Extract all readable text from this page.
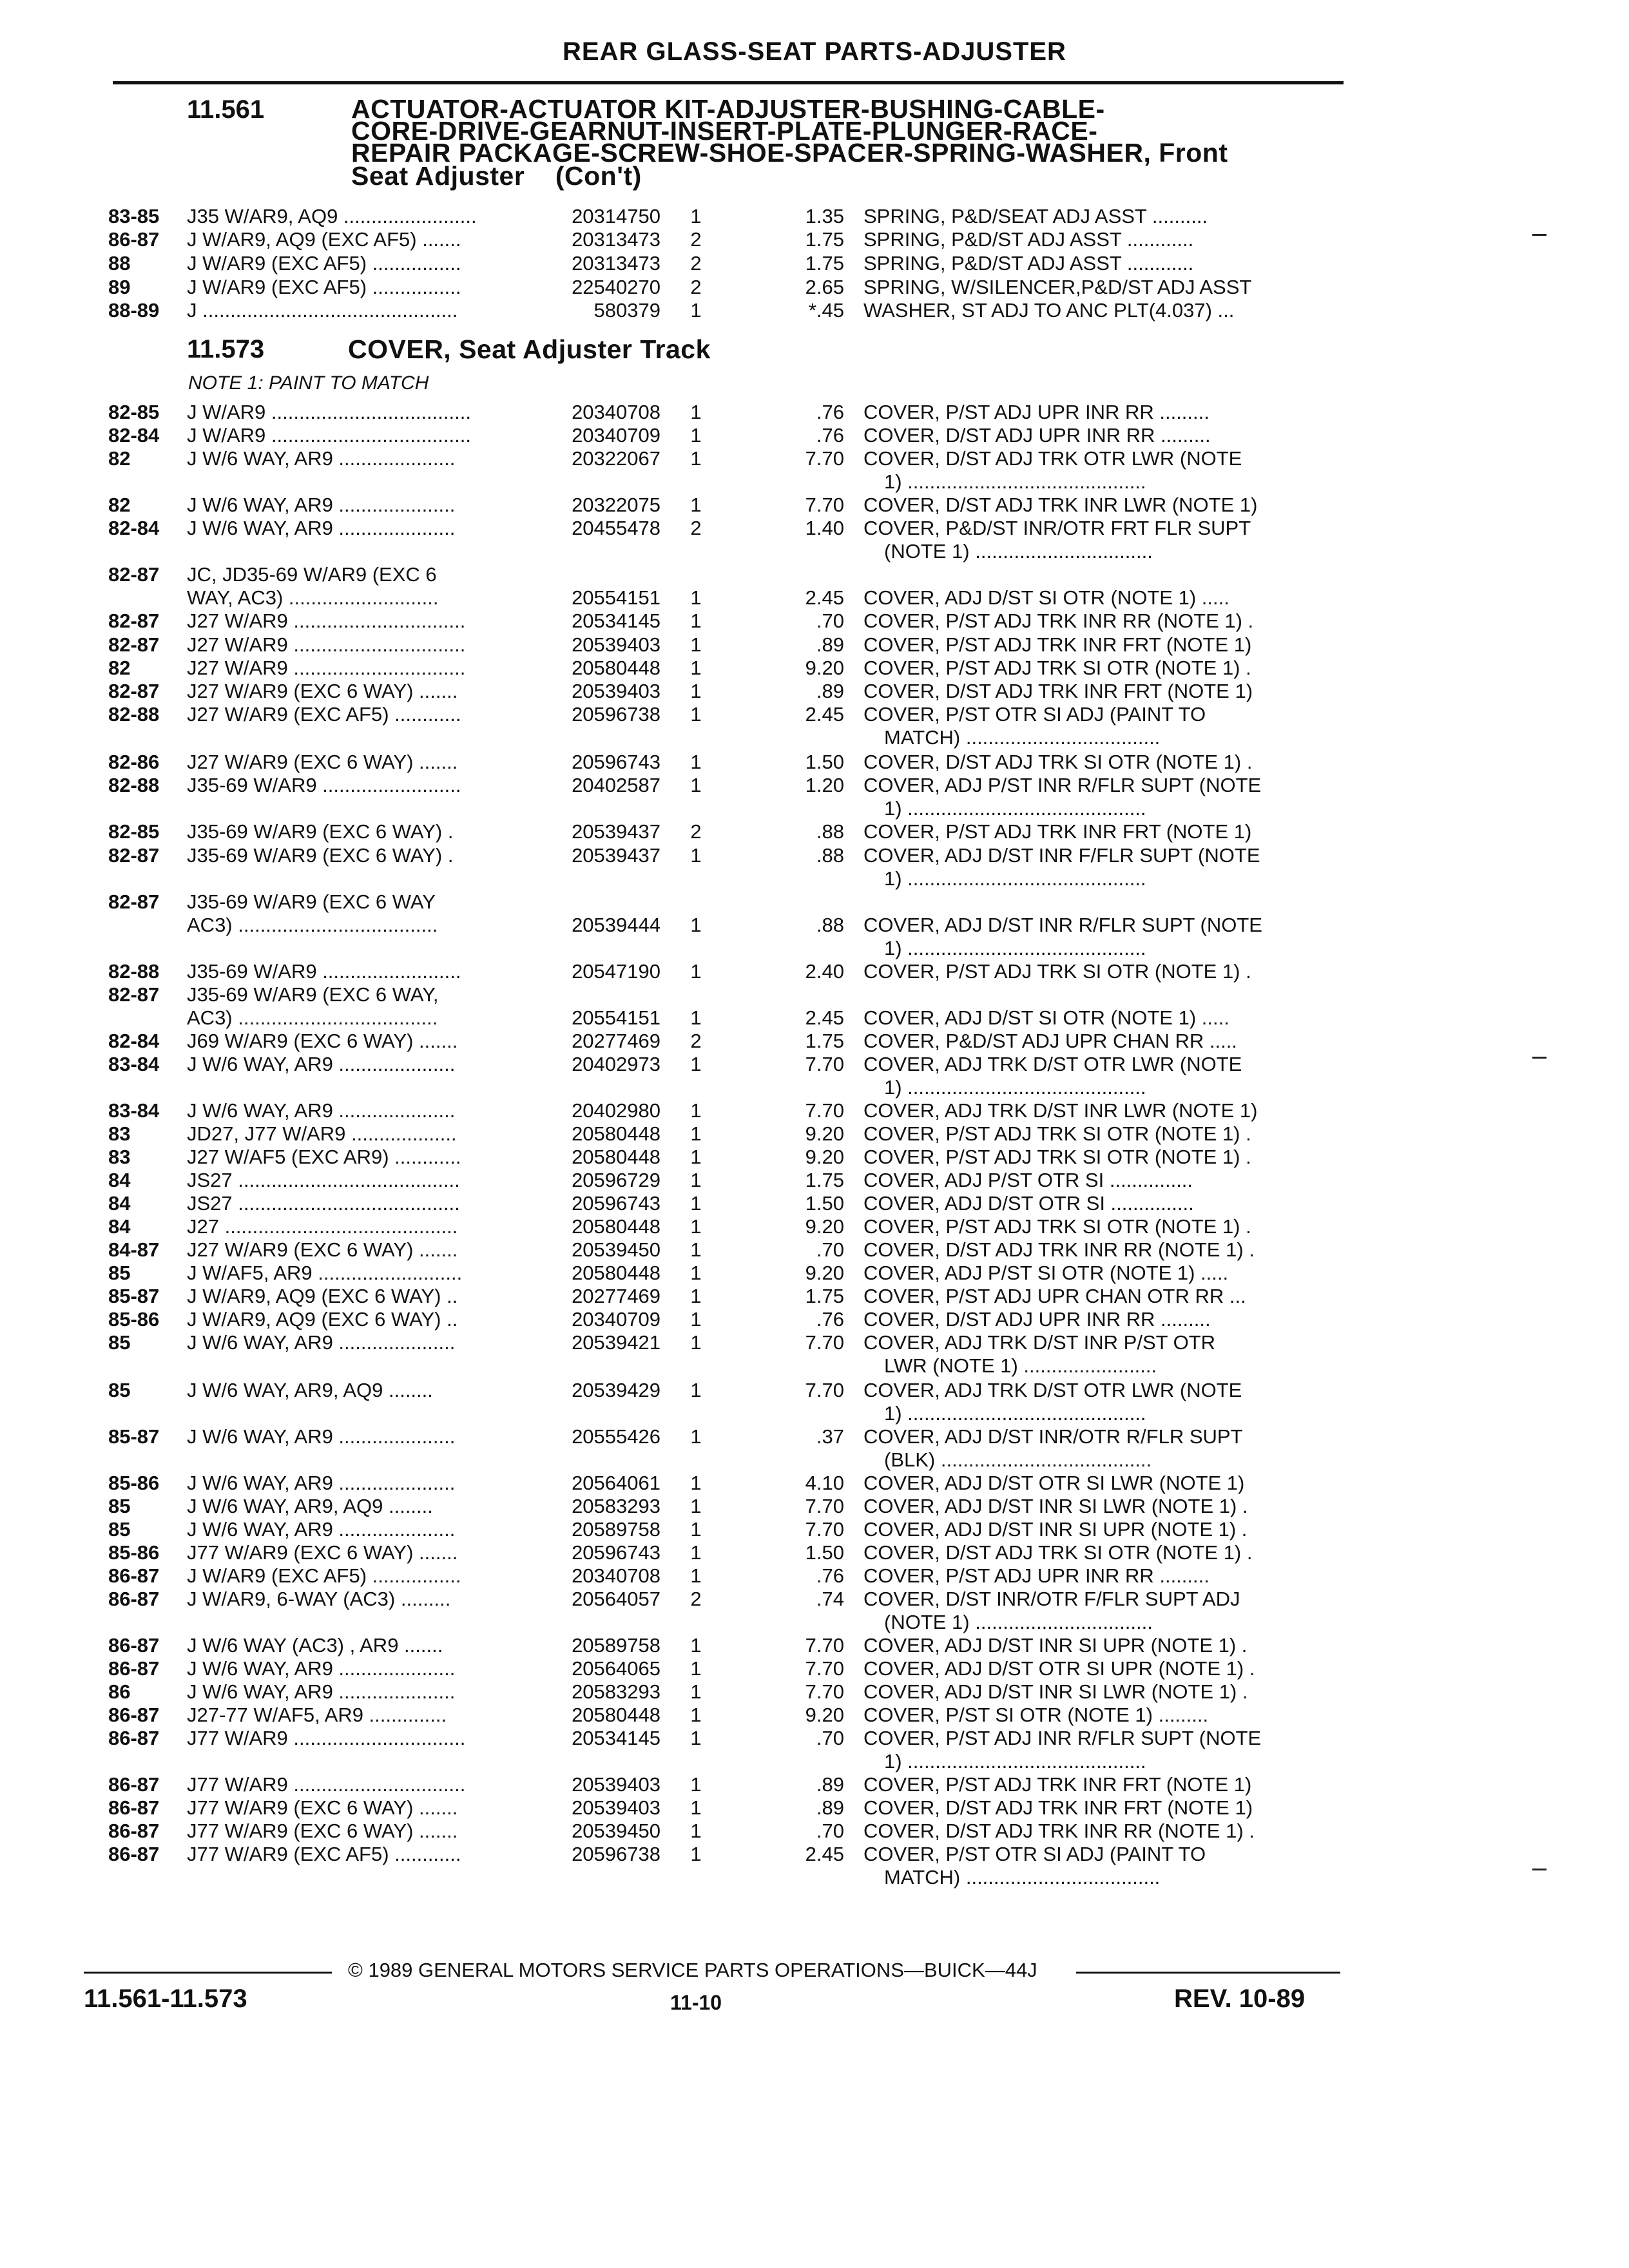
REAR GLASS-SEAT PARTS-ADJUSTER
11.561	ACTUATOR-ACTUATOR KIT-ADJUSTER-BUSHING-CABLE-
CORE-DRIVE-GEARNUT-INSERT-PLATE-PLUNGER-RACE-
REPAIR PACKAGE-SCREW-SHOE-SPACER-SPRING-WASHER, Front
Seat Adjuster    (Con't)
11.573	COVER, Seat Adjuster Track
NOTE 1: PAINT TO MATCH
83-85 J35 W/AR9, AQ9 ........................	20314750	1	1.35 SPRING, P&D/SEAT ADJ ASST ..........
86-87 J W/AR9, AQ9 (EXC AF5) .......	20313473	2	1.75 SPRING, P&D/ST ADJ ASST ............
88	J W/AR9 (EXC AF5) ................	20313473	2	1.75 SPRING, P&D/ST ADJ ASST ............
89	J W/AR9 (EXC AF5) ................	22540270	2	2.65 SPRING, W/SILENCER,P&D/ST ADJ ASST
88-89 J ..............................................	580379	1	*.45 WASHER, ST ADJ TO ANC PLT(4.037) ...
82-85 J W/AR9 ....................................	20340708	1	.76 COVER, P/ST ADJ UPR INR RR .........
82-84 J W/AR9 ....................................	20340709	1	.76 COVER, D/ST ADJ UPR INR RR .........
82	J W/6 WAY, AR9 .....................	20322067	1	7.70 COVER, D/ST ADJ TRK OTR LWR (NOTE

1) ...........................................
82	J W/6 WAY, AR9 .....................	20322075	1	7.70 COVER, D/ST ADJ TRK INR LWR (NOTE 1)
82-84 J W/6 WAY, AR9 .....................	20455478	2	1.40 COVER, P&D/ST INR/OTR FRT FLR SUPT

(NOTE 1) ................................
82-87 JC, JD35-69 W/AR9 (EXC 6
WAY, AC3) ...........................	20554151	1	2.45 COVER, ADJ D/ST SI OTR (NOTE 1) .....
82-87 J27 W/AR9 ...............................	20534145	1	.70 COVER, P/ST ADJ TRK INR RR (NOTE 1) .
82-87 J27 W/AR9 ...............................	20539403	1	.89 COVER, P/ST ADJ TRK INR FRT (NOTE 1)
82	J27 W/AR9 ...............................	20580448	1	9.20 COVER, P/ST ADJ TRK SI OTR (NOTE 1) .
82-87 J27 W/AR9 (EXC 6 WAY) .......	20539403	1	.89 COVER, D/ST ADJ TRK INR FRT (NOTE 1)
82-88 J27 W/AR9 (EXC AF5) ............	20596738	1	2.45 COVER, P/ST OTR SI ADJ (PAINT TO

MATCH) ...................................
82-86 J27 W/AR9 (EXC 6 WAY) .......	20596743	1	1.50 COVER, D/ST ADJ TRK SI OTR (NOTE 1) .
82-88 J35-69 W/AR9 .........................	20402587	1	1.20 COVER, ADJ P/ST INR R/FLR SUPT (NOTE

1) ...........................................
82-85 J35-69 W/AR9 (EXC 6 WAY) .	20539437	2	.88 COVER, P/ST ADJ TRK INR FRT (NOTE 1)
82-87 J35-69 W/AR9 (EXC 6 WAY) .	20539437	1	.88 COVER, ADJ D/ST INR F/FLR SUPT (NOTE

1) ...........................................
82-87 J35-69 W/AR9 (EXC 6 WAY
AC3) ....................................	20539444	1	.88 COVER, ADJ D/ST INR R/FLR SUPT (NOTE

1) ...........................................
82-88 J35-69 W/AR9 .........................	20547190	1	2.40 COVER, P/ST ADJ TRK SI OTR (NOTE 1) .
82-87 J35-69 W/AR9 (EXC 6 WAY,
AC3) ....................................	20554151	1	2.45 COVER, ADJ D/ST SI OTR (NOTE 1) .....
82-84 J69 W/AR9 (EXC 6 WAY) .......	20277469	2	1.75 COVER, P&D/ST ADJ UPR CHAN RR .....
83-84 J W/6 WAY, AR9 .....................	20402973	1	7.70 COVER, ADJ TRK D/ST OTR LWR (NOTE

1) ...........................................
83-84 J W/6 WAY, AR9 .....................	20402980	1	7.70 COVER, ADJ TRK D/ST INR LWR (NOTE 1)
83	JD27, J77 W/AR9 ...................	20580448	1	9.20 COVER, P/ST ADJ TRK SI OTR (NOTE 1) .
83	J27 W/AF5 (EXC AR9) ............	20580448	1	9.20 COVER, P/ST ADJ TRK SI OTR (NOTE 1) .
84	JS27 ........................................	20596729	1	1.75 COVER, ADJ P/ST OTR SI ...............
84	JS27 ........................................	20596743	1	1.50 COVER, ADJ D/ST OTR SI ...............
84	J27 ..........................................	20580448	1	9.20 COVER, P/ST ADJ TRK SI OTR (NOTE 1) .
84-87 J27 W/AR9 (EXC 6 WAY) .......	20539450	1	.70 COVER, D/ST ADJ TRK INR RR (NOTE 1) .
85	J W/AF5, AR9 ..........................	20580448	1	9.20 COVER, ADJ P/ST SI OTR (NOTE 1) .....
85-87 J W/AR9, AQ9 (EXC 6 WAY) ..	20277469	1	1.75 COVER, P/ST ADJ UPR CHAN OTR RR ...
85-86 J W/AR9, AQ9 (EXC 6 WAY) ..	20340709	1	.76 COVER, D/ST ADJ UPR INR RR .........
85	J W/6 WAY, AR9 .....................	20539421	1	7.70 COVER, ADJ TRK D/ST INR P/ST OTR

LWR (NOTE 1) ........................
85	J W/6 WAY, AR9, AQ9 ........	20539429	1	7.70 COVER, ADJ TRK D/ST OTR LWR (NOTE

1) ...........................................
85-87 J W/6 WAY, AR9 .....................	20555426	1	.37 COVER, ADJ D/ST INR/OTR R/FLR SUPT

(BLK) ......................................
85-86 J W/6 WAY, AR9 .....................	20564061	1	4.10 COVER, ADJ D/ST OTR SI LWR (NOTE 1)
85	J W/6 WAY, AR9, AQ9 ........	20583293	1	7.70 COVER, ADJ D/ST INR SI LWR (NOTE 1) .
85	J W/6 WAY, AR9 .....................	20589758	1	7.70 COVER, ADJ D/ST INR SI UPR (NOTE 1) .
85-86 J77 W/AR9 (EXC 6 WAY) .......	20596743	1	1.50 COVER, D/ST ADJ TRK SI OTR (NOTE 1) .
86-87 J W/AR9 (EXC AF5) ................	20340708	1	.76 COVER, P/ST ADJ UPR INR RR .........
86-87 J W/AR9, 6-WAY (AC3) .........	20564057	2	.74 COVER, D/ST INR/OTR F/FLR SUPT ADJ

(NOTE 1) ................................
86-87 J W/6 WAY (AC3) , AR9 .......	20589758	1	7.70 COVER, ADJ D/ST INR SI UPR (NOTE 1) .
86-87 J W/6 WAY, AR9 .....................	20564065	1	7.70 COVER, ADJ D/ST OTR SI UPR (NOTE 1) .
86	J W/6 WAY, AR9 .....................	20583293	1	7.70 COVER, ADJ D/ST INR SI LWR (NOTE 1) .
86-87 J27-77 W/AF5, AR9 ..............	20580448	1	9.20 COVER, P/ST SI OTR (NOTE 1) .........
86-87 J77 W/AR9 ...............................	20534145	1	.70 COVER, P/ST ADJ INR R/FLR SUPT (NOTE

1) ...........................................
86-87 J77 W/AR9 ...............................	20539403	1	.89 COVER, P/ST ADJ TRK INR FRT (NOTE 1)
86-87 J77 W/AR9 (EXC 6 WAY) .......	20539403	1	.89 COVER, D/ST ADJ TRK INR FRT (NOTE 1)
86-87 J77 W/AR9 (EXC 6 WAY) .......	20539450	1	.70 COVER, D/ST ADJ TRK INR RR (NOTE 1) .
86-87 J77 W/AR9 (EXC AF5) ............	20596738	1	2.45 COVER, P/ST OTR SI ADJ (PAINT TO

MATCH) ...................................
© 1989 GENERAL MOTORS SERVICE PARTS OPERATIONS—BUICK—44J
11.561-11.573	11-10	REV. 10-89
